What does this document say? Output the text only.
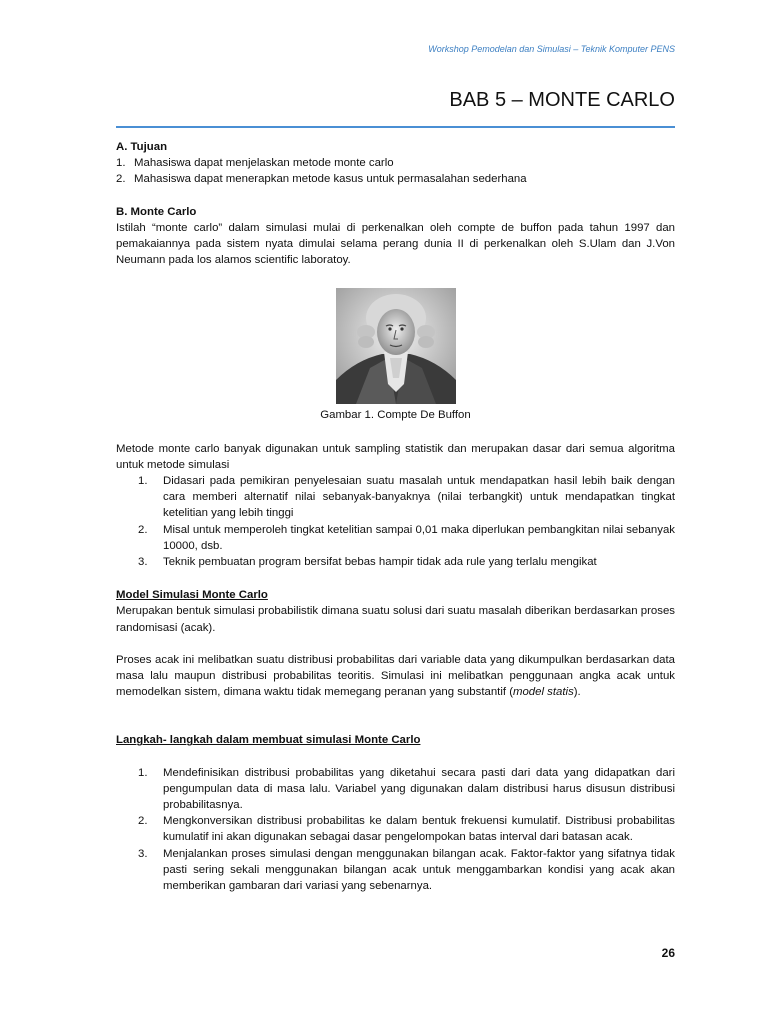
Workshop Pemodelan dan Simulasi – Teknik Komputer PENS
BAB 5 – MONTE CARLO

A. Tujuan

1. Mahasiswa dapat menjelaskan metode monte carlo
2. Mahasiswa dapat menerapkan metode kasus untuk permasalahan sederhana

B. Monte Carlo

Istilah “monte carlo” dalam simulasi mulai di perkenalkan oleh compte de buffon pada tahun 1997 dan pemakaiannya pada sistem nyata dimulai selama perang dunia II di perkenalkan oleh S.Ulam dan J.Von Neumann pada los alamos scientific laboratoy.

Gambar 1. Compte De Buffon

Metode monte carlo banyak digunakan untuk sampling statistik dan merupakan dasar dari semua algoritma untuk metode simulasi

1. Didasari pada pemikiran penyelesaian suatu masalah untuk mendapatkan hasil lebih baik dengan cara memberi alternatif nilai sebanyak-banyaknya (nilai terbangkit) untuk mendapatkan tingkat ketelitian yang lebih tinggi
2. Misal untuk memperoleh tingkat ketelitian sampai 0,01 maka diperlukan pembangkitan nilai sebanyak 10000, dsb.
3. Teknik pembuatan program bersifat bebas hampir tidak ada rule yang terlalu mengikat

Model Simulasi Monte Carlo

Merupakan bentuk simulasi probabilistik dimana suatu solusi dari suatu masalah diberikan berdasarkan proses randomisasi (acak).

Proses acak ini melibatkan suatu distribusi probabilitas dari variable data yang dikumpulkan berdasarkan data masa lalu maupun distribusi probabilitas teoritis. Simulasi ini melibatkan penggunaan angka acak untuk memodelkan sistem, dimana waktu tidak memegang peranan yang substantif (model statis).

Langkah- langkah dalam membuat simulasi Monte Carlo

1. Mendefinisikan distribusi probabilitas yang diketahui secara pasti dari data yang didapatkan dari pengumpulan data di masa lalu. Variabel yang digunakan dalam distribusi harus disusun distribusi probabilitasnya.
2. Mengkonversikan distribusi probabilitas ke dalam bentuk frekuensi kumulatif. Distribusi probabilitas kumulatif ini akan digunakan sebagai dasar pengelompokan batas interval dari batasan acak.
3. Menjalankan proses simulasi dengan menggunakan bilangan acak. Faktor-faktor yang sifatnya tidak pasti sering sekali menggunakan bilangan acak untuk menggambarkan kondisi yang acak akan memberikan gambaran dari variasi yang sebenarnya.
26
